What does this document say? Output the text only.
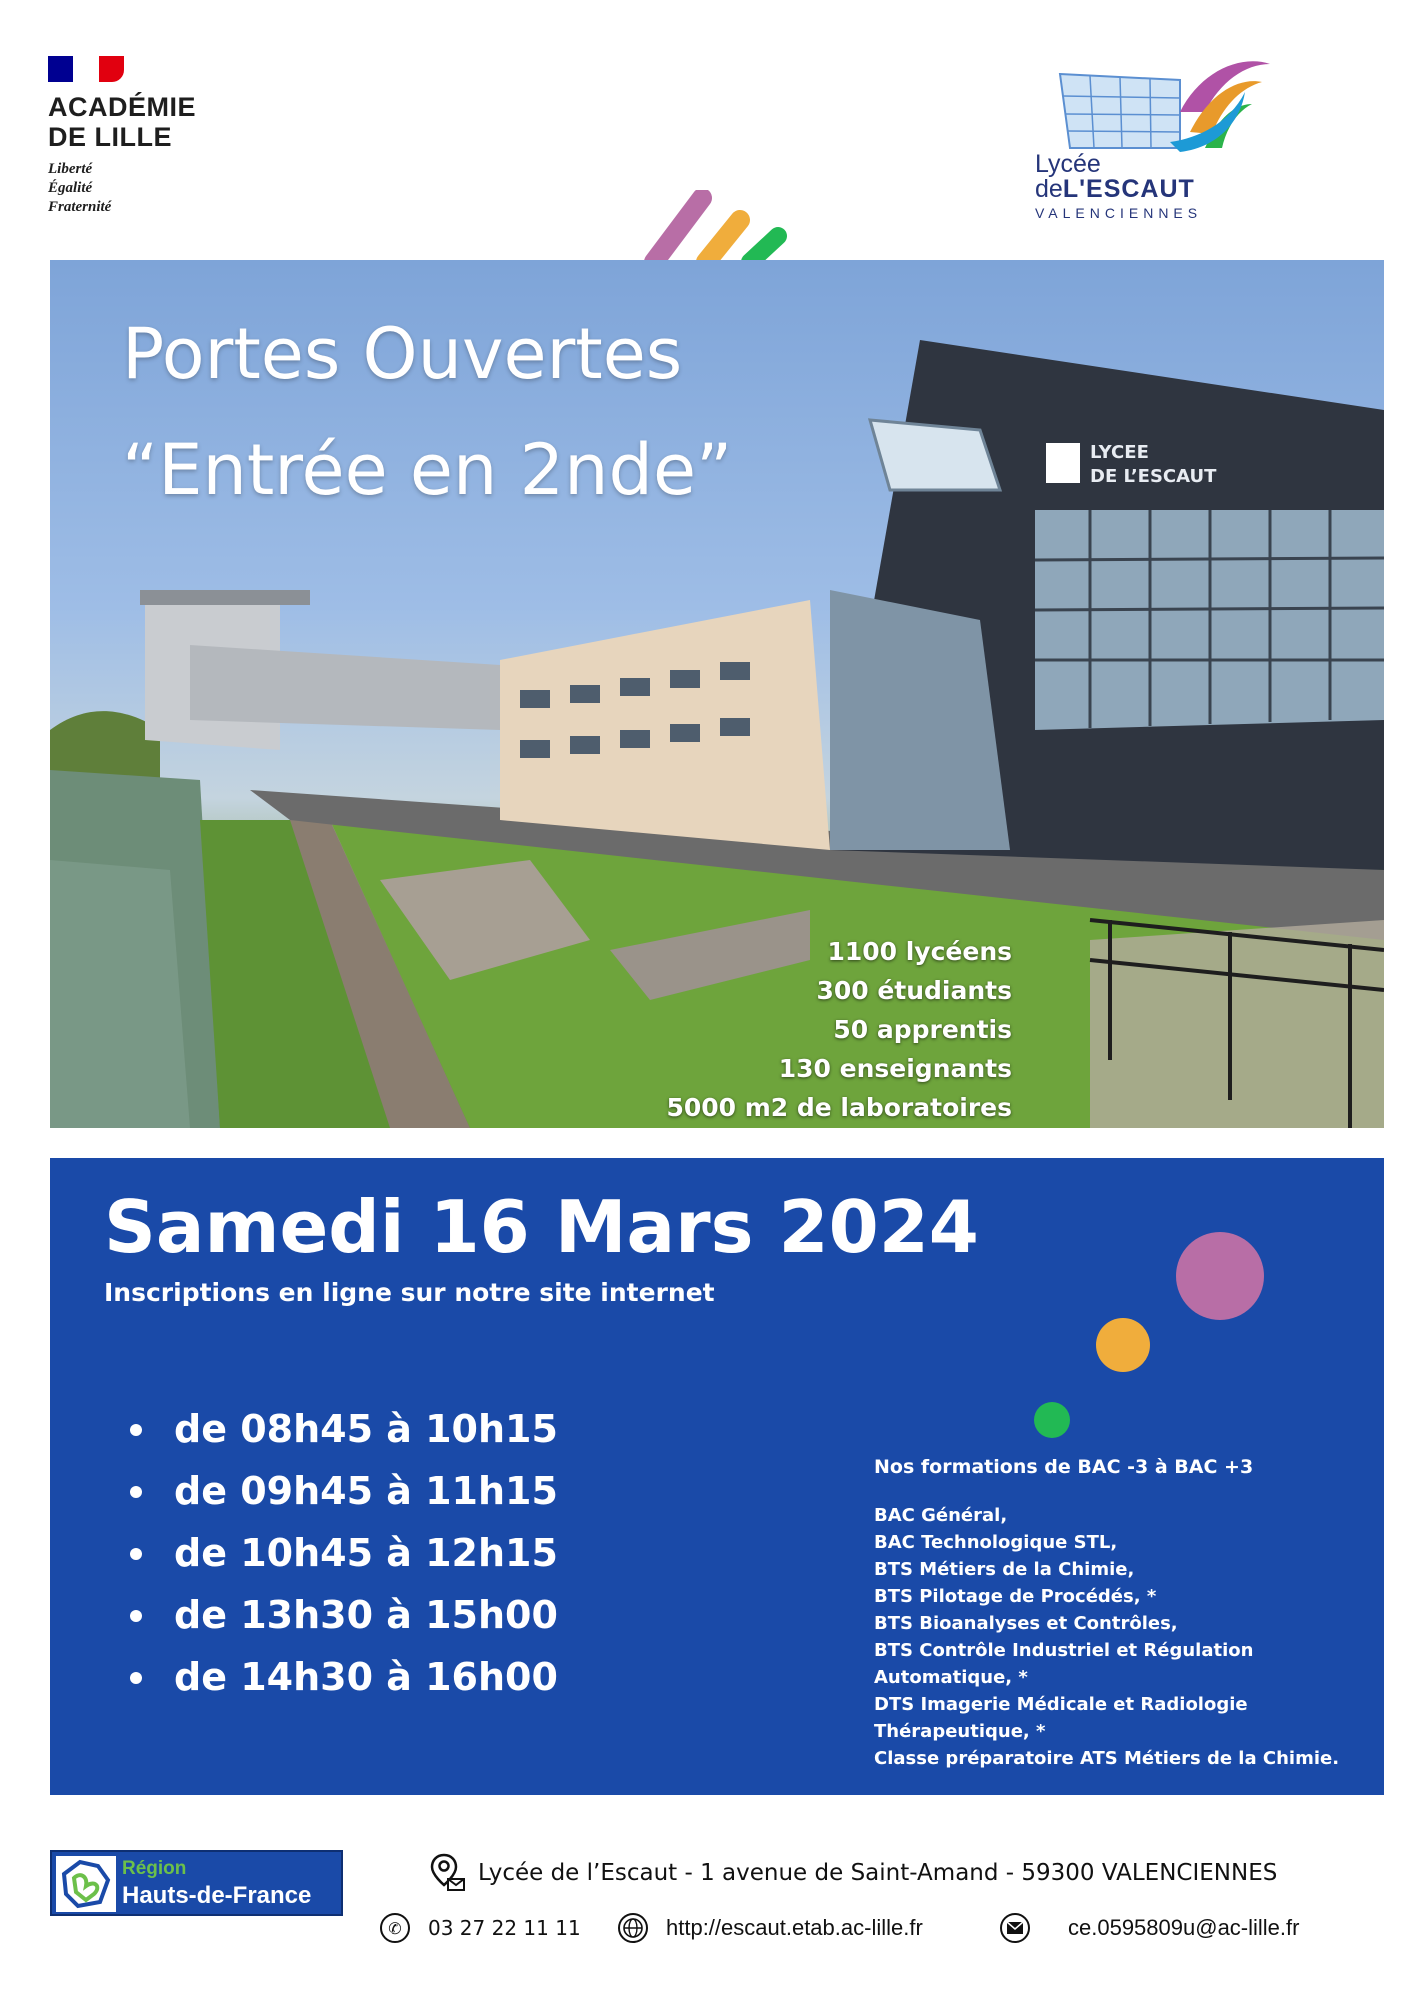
ACADÉMIE
DE LILLE
Liberté
Égalité
Fraternité
Lycée
deL'ESCAUT
VALENCIENNES
LYCEE
DE L’ESCAUT
Portes Ouvertes
“Entrée en 2nde”
1100 lycéens
300 étudiants
50 apprentis
130 enseignants
5000 m2 de laboratoires
Samedi 16 Mars 2024
Inscriptions en ligne sur notre site internet
de 08h45 à 10h15
de 09h45 à 11h15
de 10h45 à 12h15
de 13h30 à 15h00
de 14h30 à 16h00
Nos formations de BAC -3 à BAC +3
BAC Général,
BAC Technologique STL,
BTS Métiers de la Chimie,
BTS Pilotage de Procédés, *
BTS Bioanalyses et Contrôles,
BTS Contrôle Industriel et Régulation Automatique, *
DTS Imagerie Médicale et Radiologie Thérapeutique, *
Classe préparatoire ATS Métiers de la Chimie.
* sous statut étudiant et apprenti
Région
Hauts-de-France
Lycée de l’Escaut - 1 avenue de Saint-Amand - 59300 VALENCIENNES
✆	03 27 22 11 11	http://escaut.etab.ac-lille.fr	ce.0595809u@ac-lille.fr
